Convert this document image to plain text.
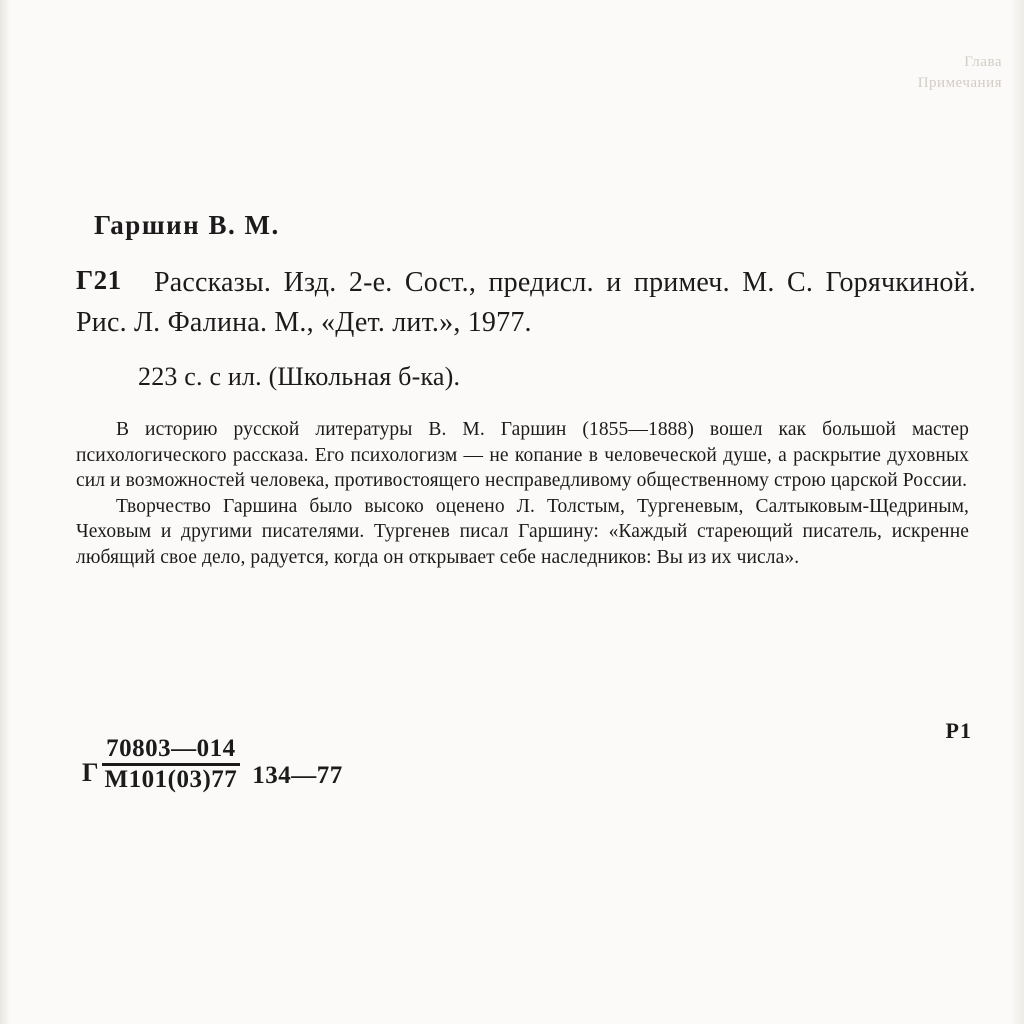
Глава Примечания
Гаршин В. М.
Г21	Рассказы. Изд. 2-е. Сост., предисл. и примеч. М. С. Горячкиной. Рис. Л. Фалина. М., «Дет. лит.», 1977.
223 с. с ил. (Школьная б-ка).

В историю русской литературы В. М. Гаршин (1855—1888) вошел как большой мастер психологического рассказа. Его психологизм — не копание в человеческой душе, а раскрытие духовных сил и возможностей человека, противостоящего несправедливому общественному строю царской России.

Творчество Гаршина было высоко оценено Л. Толстым, Тургеневым, Салтыковым-Щедриным, Чеховым и другими писателями. Тургенев писал Гаршину: «Каждый стареющий писатель, искренне любящий свое дело, радуется, когда он открывает себе наследников: Вы из их числа».

Р1
Г $\frac{70803—014}{М101(03)77}$ 134—77
